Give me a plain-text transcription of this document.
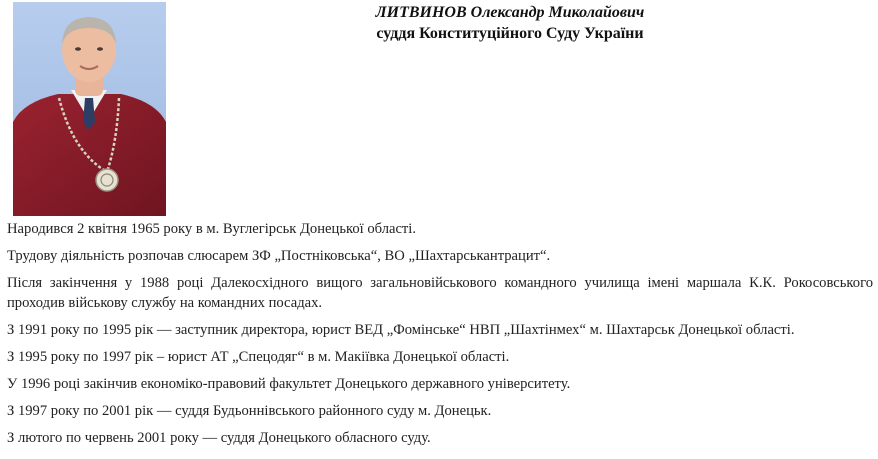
ЛИТВИНОВ Олександр Миколайович
суддя Конституційного Суду України

Народився 2 квітня 1965 року в м. Вуглегірськ Донецької області.

Трудову діяльність розпочав слюсарем ЗФ „Постніковська“, ВО „Шахтарськантрацит“.

Після закінчення у 1988 році Далекосхідного вищого загальновійськового командного училища імені маршала К.К. Рокосовського проходив військову службу на командних посадах.

З 1991 року по 1995 рік — заступник директора, юрист ВЕД „Фомінське“ НВП „Шахтінмех“ м. Шахтарськ Донецької області.

З 1995 року по 1997 рік – юрист АТ „Спецодяг“ в м. Макіївка Донецької області.

У 1996 році закінчив економіко-правовий факультет Донецького державного університету.

З 1997 року по 2001 рік — суддя Будьоннівського районного суду м. Донецьк.

З лютого по червень 2001 року — суддя Донецького обласного суду.
